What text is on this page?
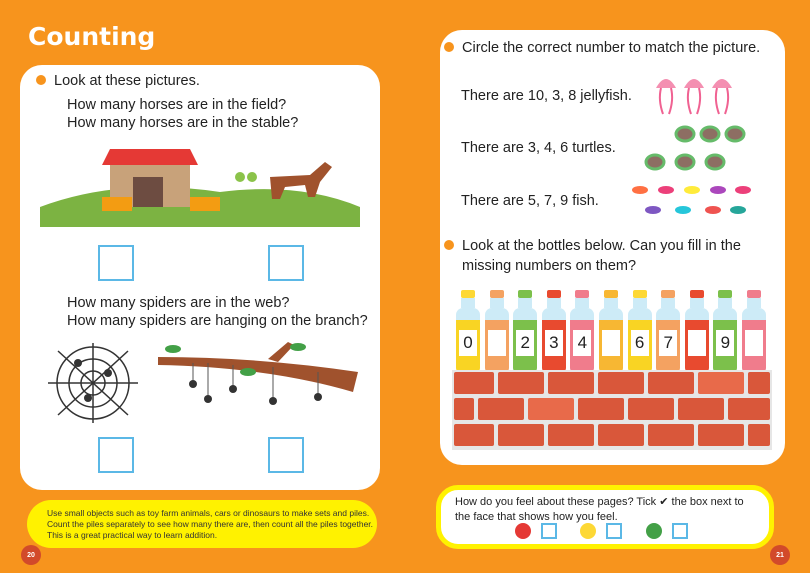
Counting
Look at these pictures.
How many horses are in the field?
How many horses are in the stable?
How many spiders are in the web?
How many spiders are hanging on the branch?
Use small objects such as toy farm animals, cars or dinosaurs to make sets and piles.
Count the piles separately to see how many there are, then count all the piles together.
This is a great practical way to learn addition.
20
Circle the correct number to match the picture.
There are 10, 3, 8 jellyfish.
There are 3, 4, 6 turtles.
There are 5, 7, 9 fish.
Look at the bottles below. Can you fill in the missing numbers on them?
0	2 3 4	6 7	9
How do you feel about these pages? Tick ✔ the box next to the face that shows how you feel.
21
